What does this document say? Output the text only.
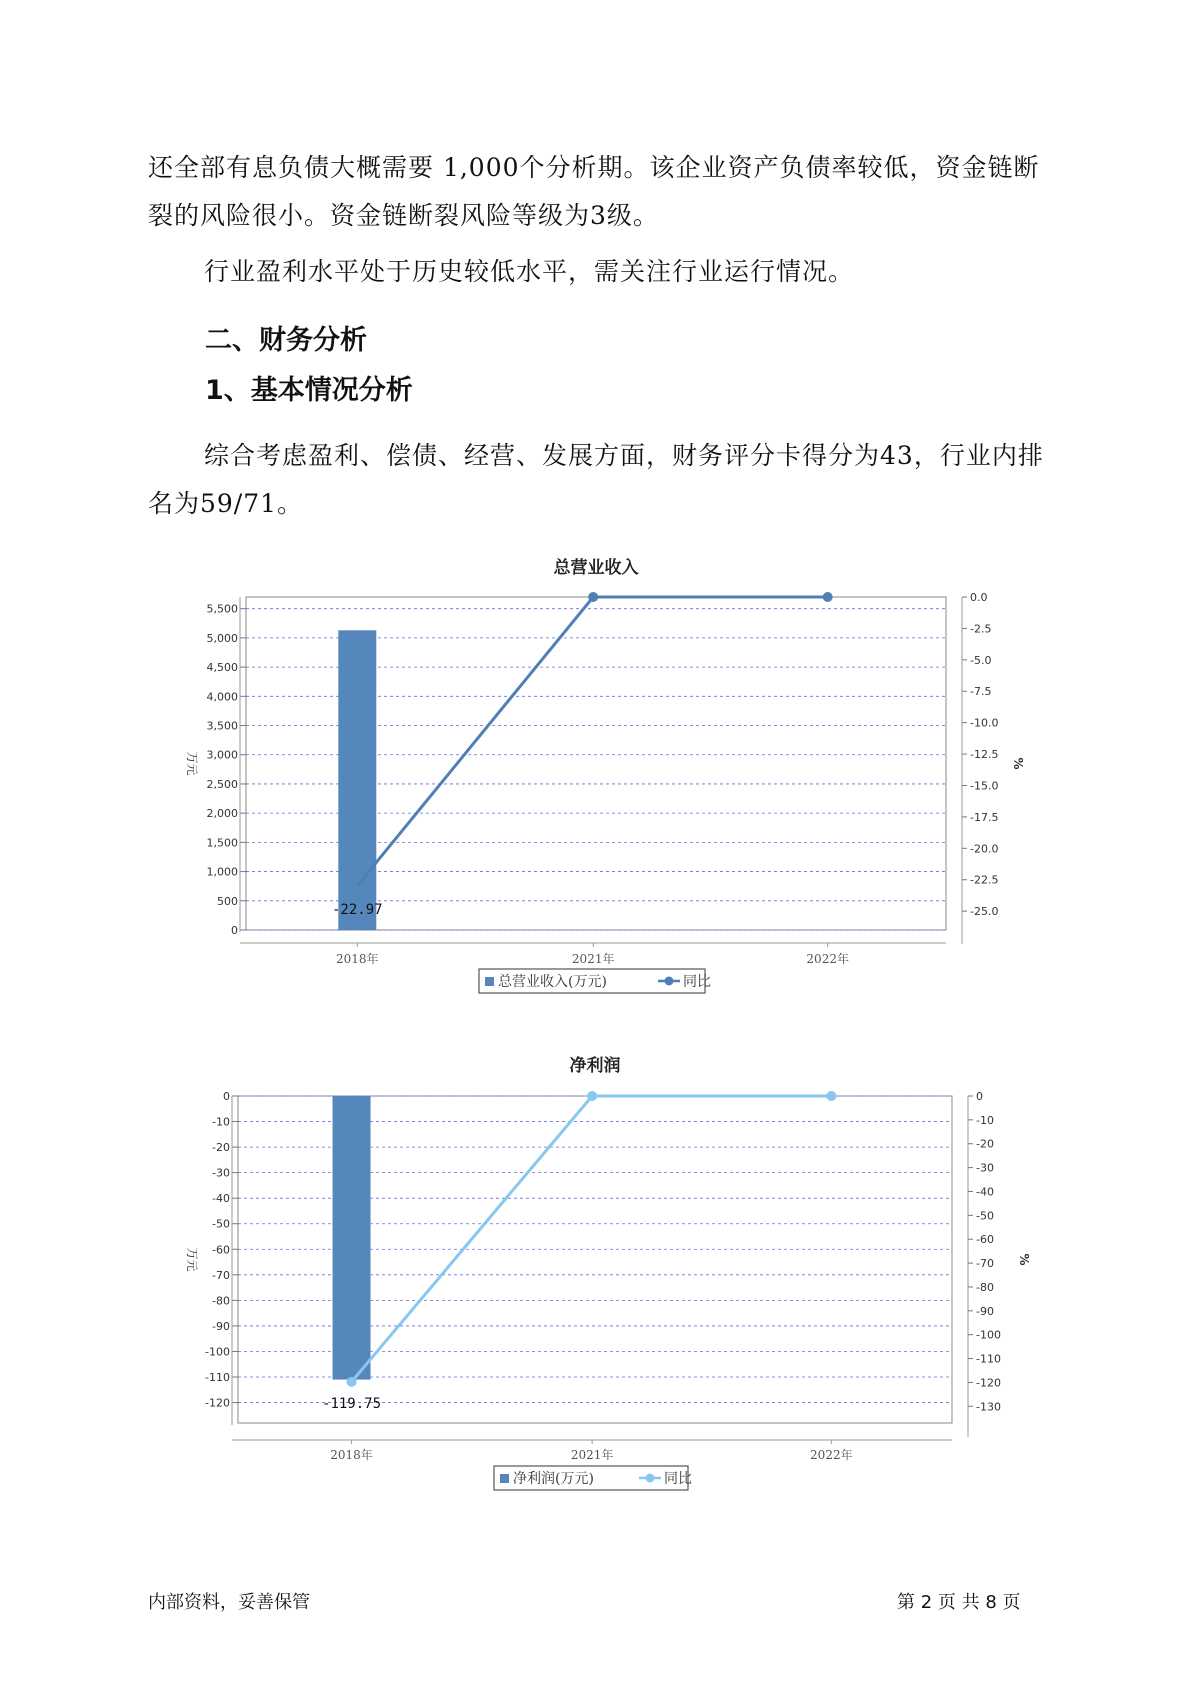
还全部有息负债大概需要 1,000个分析期。该企业资产负债率较低，资金链断裂的风险很小。资金链断裂风险等级为3级。

行业盈利水平处于历史较低水平，需关注行业运行情况。

二、财务分析

1、基本情况分析

综合考虑盈利、偿债、经营、发展方面，财务评分卡得分为43，行业内排名为59/71。

总营业收入
0
500
1,000
1,500
2,000
2,500
3,000
3,500
4,000
4,500
5,000
5,500
万元
0.0
-2.5
-5.0
-7.5
-10.0
-12.5
-15.0
-17.5
-20.0
-22.5
-25.0
%
2018年	2021年	2022年
-22.97
总营业收入(万元)	同比
净利润
0
-10
-20
-30
-40
-50
-60
-70
-80
-90
-100
-110
-120
万元
0
-10
-20
-30
-40
-50
-60
-70
-80
-90
-100
-110
-120
-130
%
2018年	2021年	2022年
-119.75
净利润(万元)	同比
内部资料，妥善保管	第 2 页 共 8 页
